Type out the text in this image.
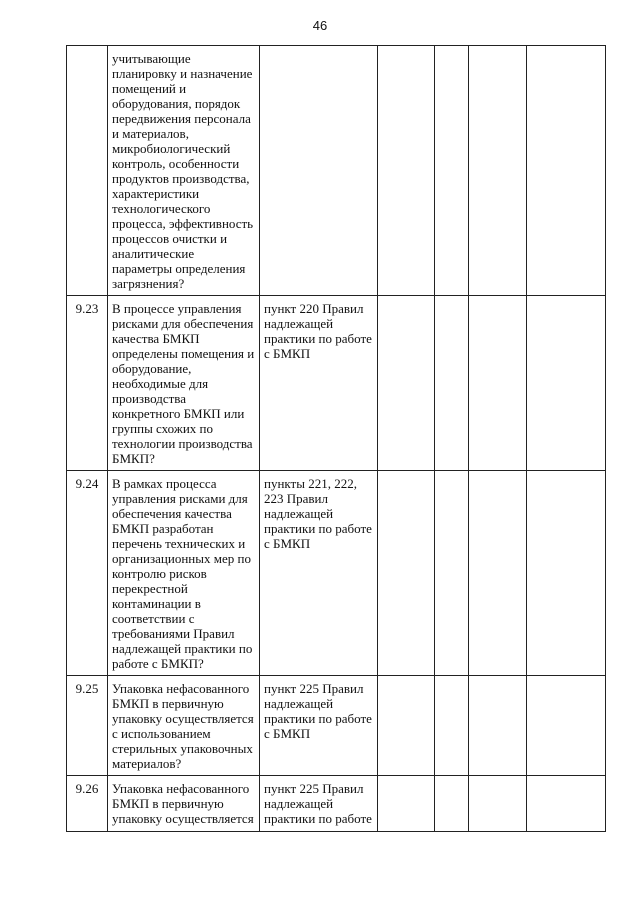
46
	учитывающие планировку и назначение помещений и оборудования, порядок передвижения персонала и материалов, микробиологический контроль, особенности продуктов производства, характеристики технологического процесса, эффективность процессов очистки и аналитические параметры определения загрязнения?					
9.23	В процессе управления рисками для обеспечения качества БМКП определены помещения и оборудование, необходимые для производства конкретного БМКП или группы схожих по технологии производства БМКП?	пункт 220 Правил надлежащей практики по работе с БМКП				
9.24	В рамках процесса управления рисками для обеспечения качества БМКП разработан перечень технических и организационных мер по контролю рисков перекрестной контаминации в соответствии с требованиями Правил надлежащей практики по работе с БМКП?	пункты 221, 222, 223 Правил надлежащей практики по работе с БМКП				
9.25	Упаковка нефасованного БМКП в первичную упаковку осуществляется с использованием стерильных упаковочных материалов?	пункт 225 Правил надлежащей практики по работе с БМКП				
9.26	Упаковка нефасованного БМКП в первичную упаковку осуществляется	пункт 225 Правил надлежащей практики по работе				
